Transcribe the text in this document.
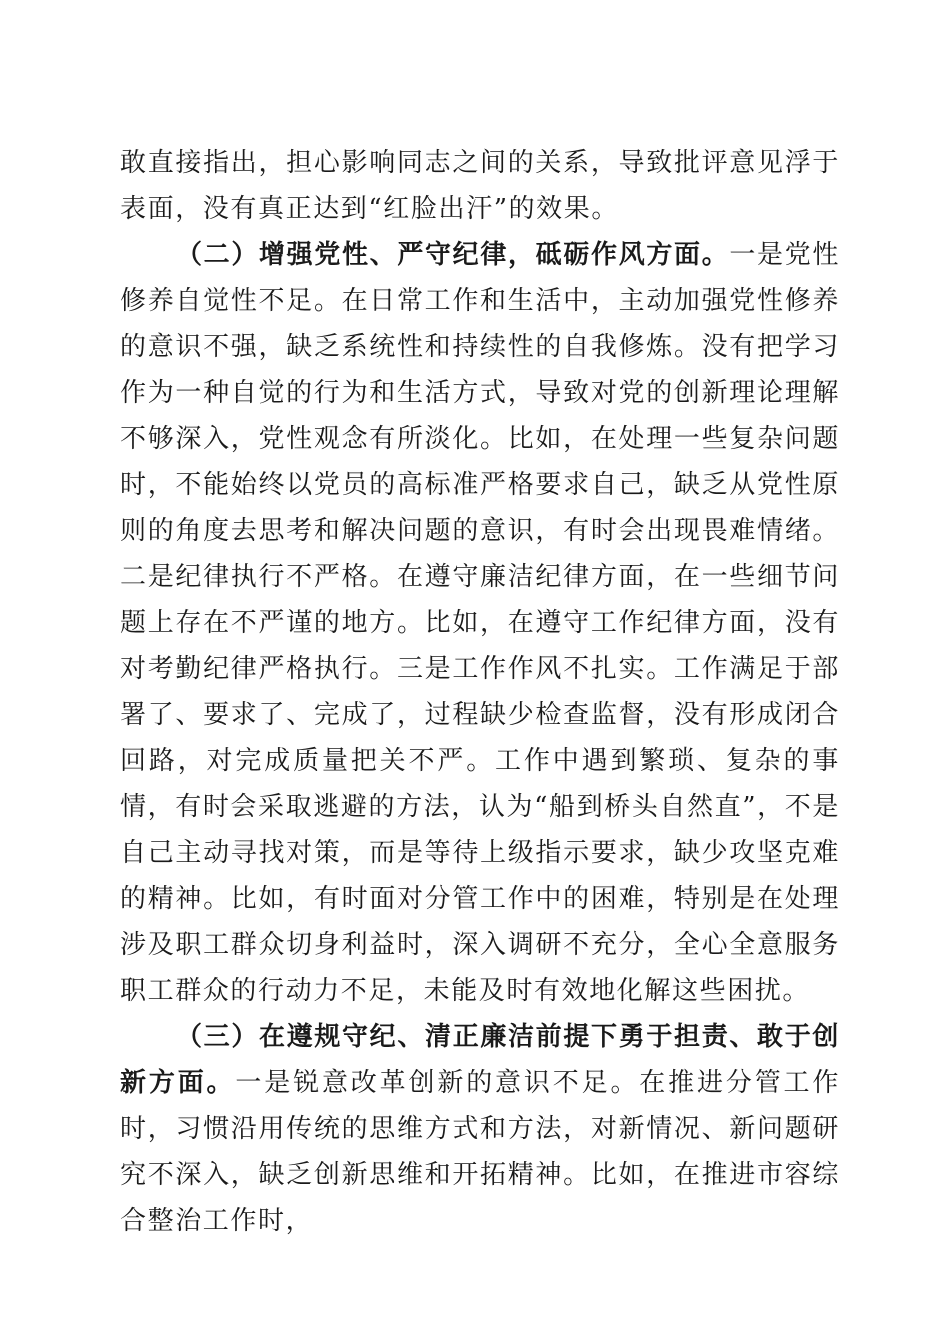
敢直接指出，担心影响同志之间的关系，导致批评意见浮于表面，没有真正达到“红脸出汗”的效果。

（二）增强党性、严守纪律，砥砺作风方面。一是党性修养自觉性不足。在日常工作和生活中，主动加强党性修养的意识不强，缺乏系统性和持续性的自我修炼。没有把学习作为一种自觉的行为和生活方式，导致对党的创新理论理解不够深入，党性观念有所淡化。比如，在处理一些复杂问题时，不能始终以党员的高标准严格要求自己，缺乏从党性原则的角度去思考和解决问题的意识，有时会出现畏难情绪。二是纪律执行不严格。在遵守廉洁纪律方面，在一些细节问题上存在不严谨的地方。比如，在遵守工作纪律方面，没有对考勤纪律严格执行。三是工作作风不扎实。工作满足于部署了、要求了、完成了，过程缺少检查监督，没有形成闭合回路，对完成质量把关不严。工作中遇到繁琐、复杂的事情，有时会采取逃避的方法，认为“船到桥头自然直”，不是自己主动寻找对策，而是等待上级指示要求，缺少攻坚克难的精神。比如，有时面对分管工作中的困难，特别是在处理涉及职工群众切身利益时，深入调研不充分，全心全意服务职工群众的行动力不足，未能及时有效地化解这些困扰。

（三）在遵规守纪、清正廉洁前提下勇于担责、敢于创新方面。一是锐意改革创新的意识不足。在推进分管工作时，习惯沿用传统的思维方式和方法，对新情况、新问题研究不深入，缺乏创新思维和开拓精神。比如，在推进市容综合整治工作时，
